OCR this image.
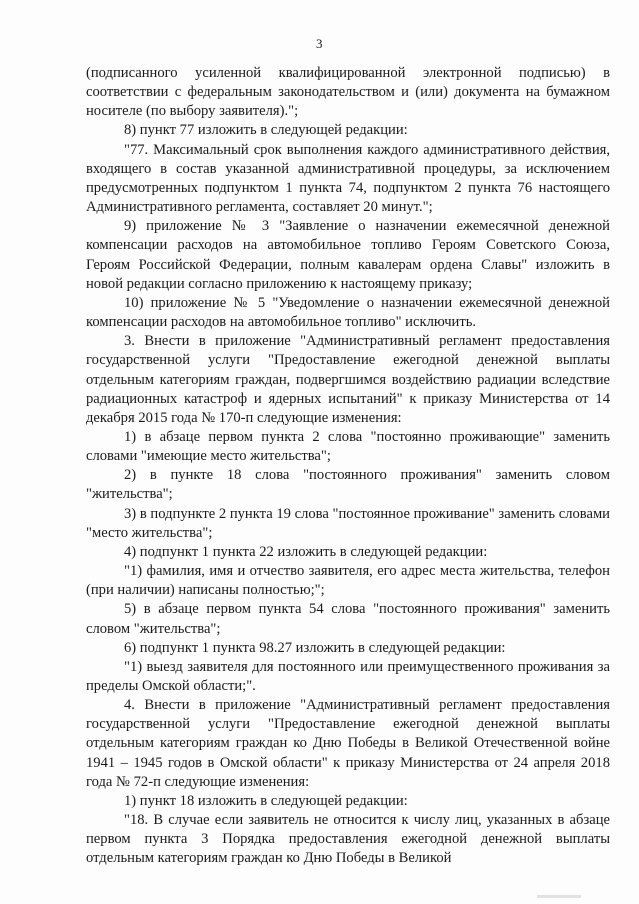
3

(подписанного усиленной квалифицированной электронной подписью) в соответствии с федеральным законодательством и (или) документа на бумажном носителе (по выбору заявителя).";

8) пункт 77 изложить в следующей редакции:

"77. Максимальный срок выполнения каждого административного действия, входящего в состав указанной административной процедуры, за исключением предусмотренных подпунктом 1 пункта 74, подпунктом 2 пункта 76 настоящего Административного регламента, составляет 20 минут.";

9) приложение № 3 "Заявление о назначении ежемесячной денежной компенсации расходов на автомобильное топливо Героям Советского Союза, Героям Российской Федерации, полным кавалерам ордена Славы" изложить в новой редакции согласно приложению к настоящему приказу;

10) приложение № 5 "Уведомление о назначении ежемесячной денежной компенсации расходов на автомобильное топливо" исключить.

3. Внести в приложение "Административный регламент предоставления государственной услуги "Предоставление ежегодной денежной выплаты отдельным категориям граждан, подвергшимся воздействию радиации вследствие радиационных катастроф и ядерных испытаний" к приказу Министерства от 14 декабря 2015 года № 170-п следующие изменения:

1) в абзаце первом пункта 2 слова "постоянно проживающие" заменить словами "имеющие место жительства";

2) в пункте 18 слова "постоянного проживания" заменить словом "жительства";

3) в подпункте 2 пункта 19 слова "постоянное проживание" заменить словами "место жительства";

4) подпункт 1 пункта 22 изложить в следующей редакции:

"1) фамилия, имя и отчество заявителя, его адрес места жительства, телефон (при наличии) написаны полностью;";

5) в абзаце первом пункта 54 слова "постоянного проживания" заменить словом "жительства";

6) подпункт 1 пункта 98.27 изложить в следующей редакции:

"1) выезд заявителя для постоянного или преимущественного проживания за пределы Омской области;".

4. Внести в приложение "Административный регламент предоставления государственной услуги "Предоставление ежегодной денежной выплаты отдельным категориям граждан ко Дню Победы в Великой Отечественной войне 1941 – 1945 годов в Омской области" к приказу Министерства от 24 апреля 2018 года № 72-п следующие изменения:

1) пункт 18 изложить в следующей редакции:

"18. В случае если заявитель не относится к числу лиц, указанных в абзаце первом пункта 3 Порядка предоставления ежегодной денежной выплаты отдельным категориям граждан ко Дню Победы в Великой
